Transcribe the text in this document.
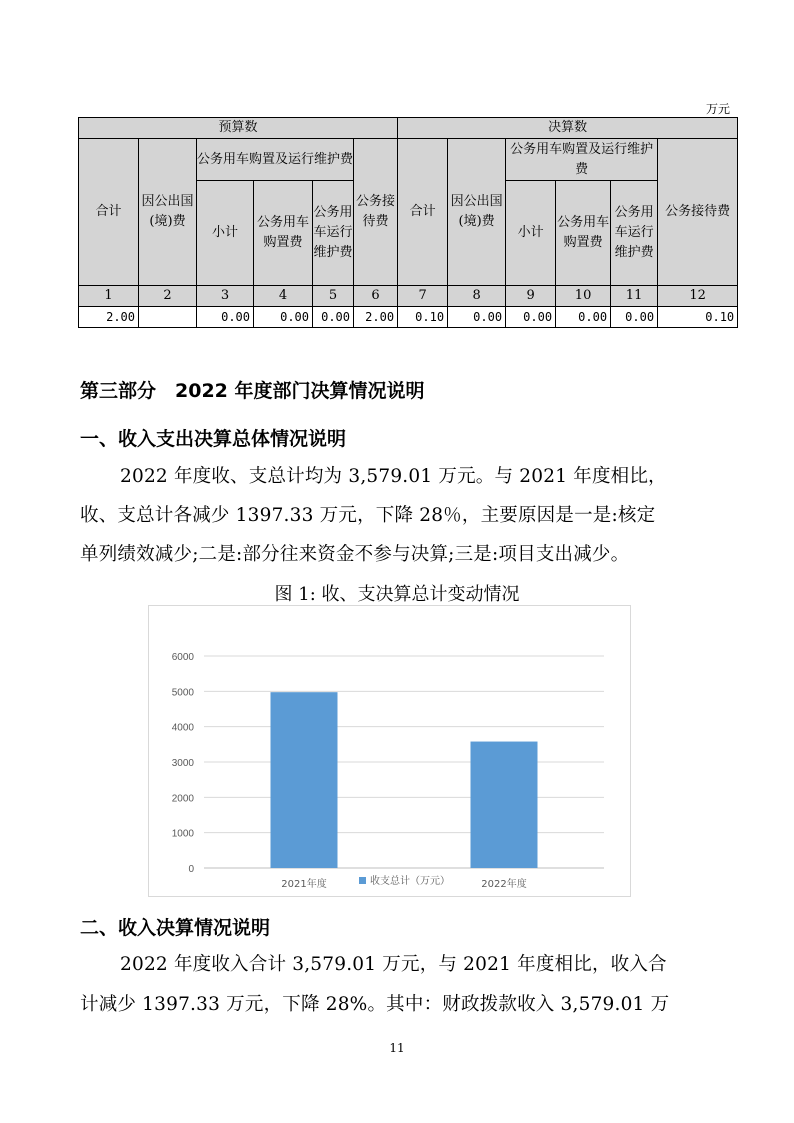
万元
预算数						决算数					
合计	因公出国(境)费	公务用车购置及运行维护费			公务接待费	合计	因公出国(境)费	公务用车购置及运行维护费			公务接待费
		小计	公务用车购置费	公务用车运行维护费				小计	公务用车购置费	公务用车运行维护费	
1	2	3	4	5	6	7	8	9	10	11	12
2.00		0.00	0.00	0.00	2.00	0.10	0.00	0.00	0.00	0.00	0.10
第三部分　2022 年度部门决算情况说明
一、收入支出决算总体情况说明
2022 年度收、支总计均为 3,579.01 万元。与 2021 年度相比，
收、支总计各减少 1397.33 万元，下降 28％，主要原因是一是:核定
单列绩效减少;二是:部分往来资金不参与决算;三是:项目支出减少。
图 1: 收、支决算总计变动情况
0
1000
2000
3000
4000
5000
6000
2021年度	2022年度
收支总计（万元）
二、收入决算情况说明
2022 年度收入合计 3,579.01 万元，与 2021 年度相比，收入合
计减少 1397.33 万元，下降 28%。其中：财政拨款收入 3,579.01 万
11
